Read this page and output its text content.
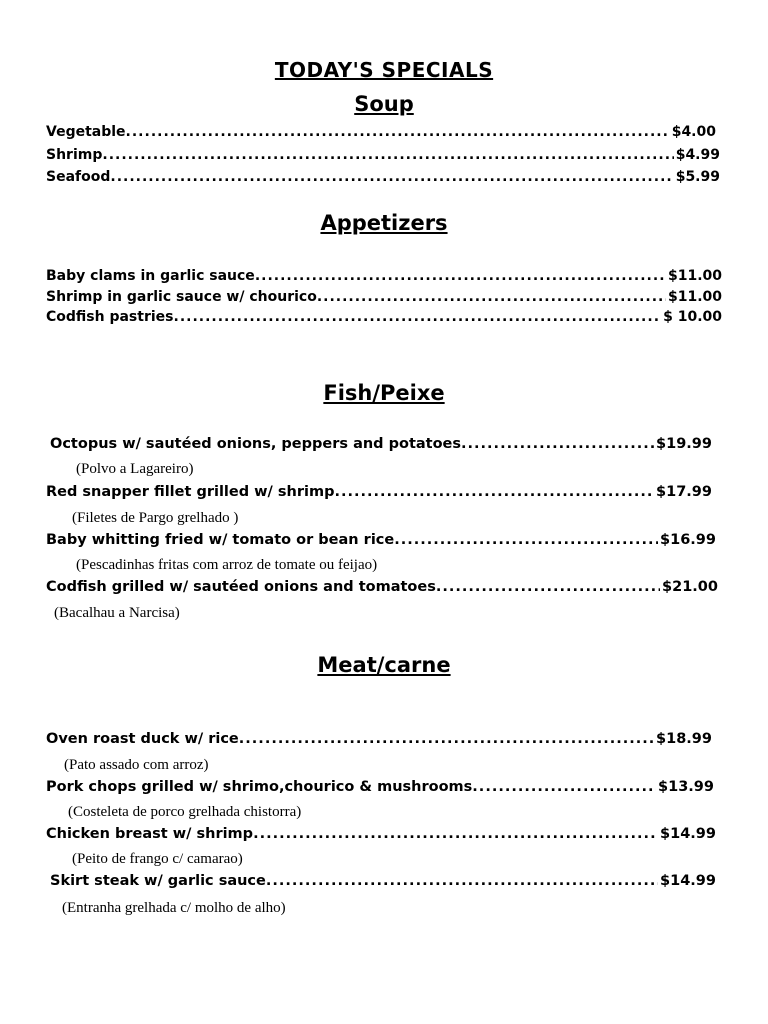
TODAY'S SPECIALS
Soup
Vegetable .....	$4.00
Shrimp .....	$4.99
Seafood .....	$5.99
Appetizers
Baby clams in garlic sauce .....	$11.00
Shrimp in garlic sauce w/ chourico .....	$11.00
Codfish pastries .....	$ 10.00
Fish/Peixe
Octopus w/ sautéed onions, peppers and potatoes .....	$19.99
(Polvo a Lagareiro)
Red snapper fillet grilled w/ shrimp .....	$17.99
(Filetes de Pargo grelhado )
Baby whitting fried w/ tomato or bean rice .....	$16.99
(Pescadinhas fritas com arroz de tomate ou feijao)
Codfish grilled w/ sautéed onions and tomatoes .....	$21.00
(Bacalhau a Narcisa)
Meat/carne
Oven roast duck w/ rice .....	$18.99
(Pato assado com arroz)
Pork chops grilled w/ shrimo,chourico & mushrooms .....	$13.99
(Costeleta de porco grelhada chistorra)
Chicken breast w/ shrimp .....	$14.99
(Peito de frango c/ camarao)
Skirt steak w/ garlic sauce .....	$14.99
(Entranha grelhada c/ molho de alho)
